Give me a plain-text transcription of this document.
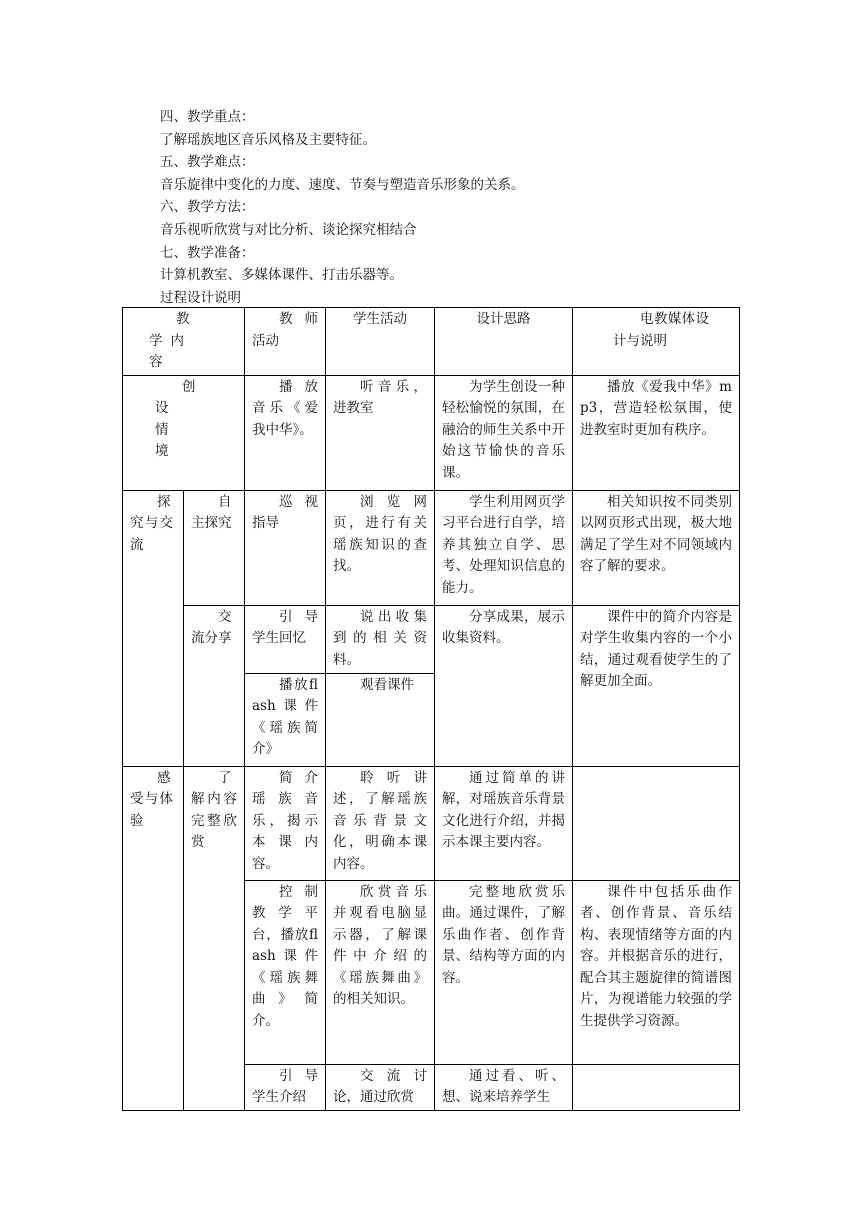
四、教学重点：

了解瑶族地区音乐风格及主要特征。

五、教学难点：

音乐旋律中变化的力度、速度、节奏与塑造音乐形象的关系。

六、教学方法：

音乐视听欣赏与对比分析、谈论探究相结合

七、教学准备：

计算机教室、多媒体课件、打击乐器等。

过程设计说明

教学内容		教师活动	学生活动	设计思路	电教媒体设计与说明
创设情境		播放音乐《爱我中华》。	听音乐，进教室	为学生创设一种轻松愉悦的氛围，在融洽的师生关系中开始这节愉快的音乐课。	播放《爱我中华》mp3，营造轻松氛围，使进教室时更加有秩序。
探究与交流	自主探究	巡视指导	浏览网页，进行有关瑶族知识的查找。	学生利用网页学习平台进行自学，培养其独立自学、思考、处理知识信息的能力。	相关知识按不同类别以网页形式出现，极大地满足了学生对不同领域内容了解的要求。
	交流分享	引导学生回忆	说出收集到的相关资料。	分享成果，展示收集资料。	课件中的简介内容是对学生收集内容的一个小结，通过观看使学生的了解更加全面。
		播放flash课件《瑶族简介》	观看课件		
感受与体验	了解内容 完整欣赏	简介瑶族音乐，揭示本课内容。	聆听讲述，了解瑶族音乐背景文化，明确本课内容。	通过简单的讲解，对瑶族音乐背景文化进行介绍，并揭示本课主要内容。	
		控制教学平台，播放flash课件《瑶族舞曲》简介。	欣赏音乐并观看电脑显示器，了解课件中介绍的《瑶族舞曲》的相关知识。	完整地欣赏乐曲。通过课件，了解乐曲作者、创作背景、结构等方面的内容。	课件中包括乐曲作者、创作背景、音乐结构、表现情绪等方面的内容。并根据音乐的进行，配合其主题旋律的简谱图片，为视谱能力较强的学生提供学习资源。
		引导学生介绍	交流讨论，通过欣赏	通过看、听、想、说来培养学生	
